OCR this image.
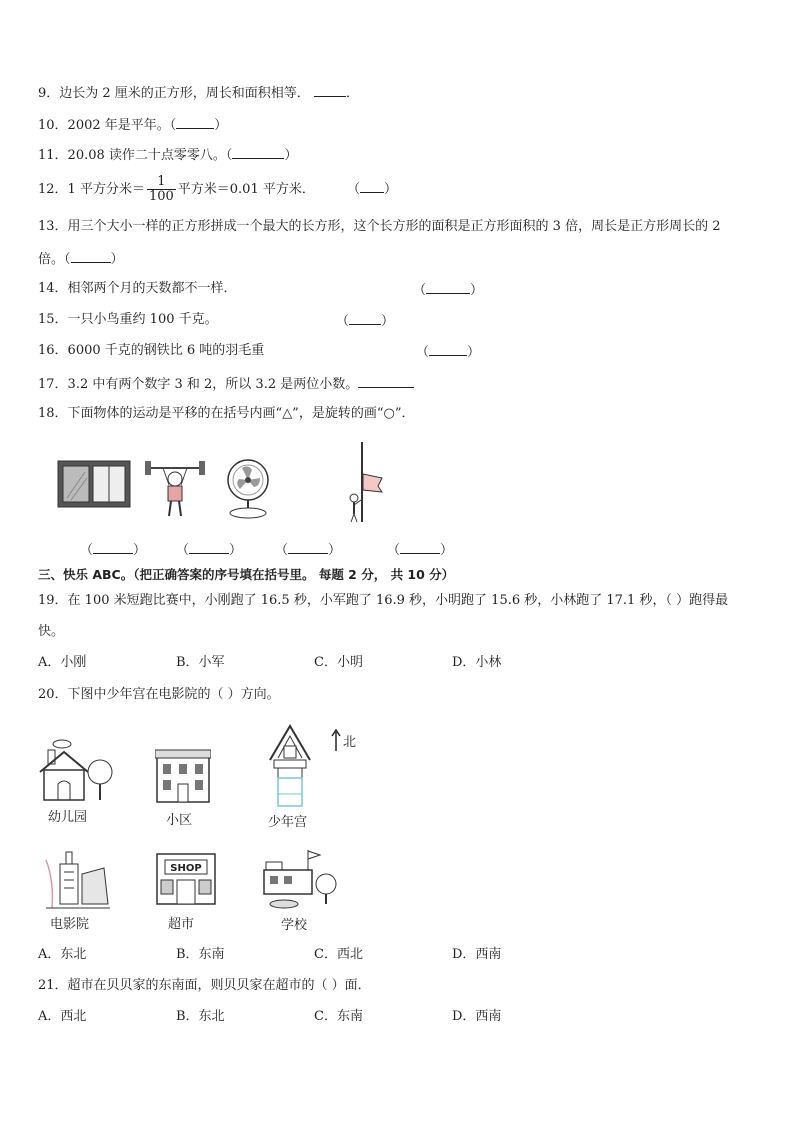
9．边长为 2 厘米的正方形，周长和面积相等．	．
10．2002 年是平年。（	）
11．20.08 读作二十点零零八。（	）
12．1 平方分米＝ $\frac{1}{100}$ 平方米＝0.01 平方米． （ ）
13．用三个大小一样的正方形拼成一个最大的长方形，这个长方形的面积是正方形面积的 3 倍，周长是正方形周长的 2
倍。（	）
14．相邻两个月的天数都不一样．	（	）
15．一只小鸟重约 100 千克。	（ ）
16．6000 千克的钢铁比 6 吨的羽毛重	（	）
17．3.2 中有两个数字 3 和 2，所以 3.2 是两位小数。
18．下面物体的运动是平移的在括号内画“△”，是旋转的画“○”．
（	） （	）	（	）	（	）
三、快乐 ABC。（把正确答案的序号填在括号里。 每题 2 分， 共 10 分）
19．在 100 米短跑比赛中，小刚跑了 16.5 秒，小军跑了 16.9 秒，小明跑了 15.6 秒，小林跑了 17.1 秒，（ ）跑得最
快。
A．小刚	B．小军	C．小明	D．小林
20．下图中少年宫在电影院的（ ）方向。
北
幼儿园	小区	少年宫
电影院
SHOP
超市	学校
A．东北	B．东南	C．西北	D．西南
21．超市在贝贝家的东南面，则贝贝家在超市的（ ）面．
A．西北	B．东北	C．东南	D．西南
